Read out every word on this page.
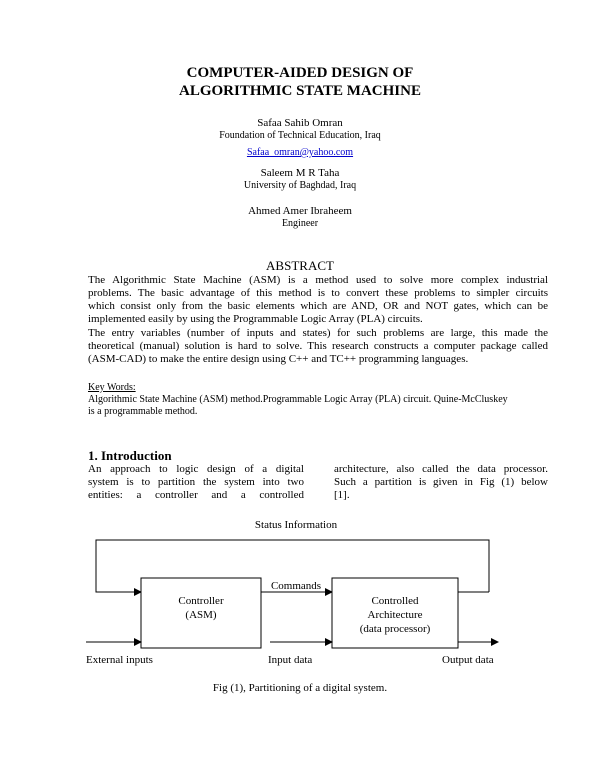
COMPUTER-AIDED DESIGN OF
ALGORITHMIC STATE MACHINE
Safaa Sahib Omran
Foundation of Technical Education, Iraq
Safaa_omran@yahoo.com
Saleem M R Taha
University of Baghdad, Iraq
Ahmed Amer Ibraheem
Engineer
ABSTRACT
The Algorithmic State Machine (ASM) is a method used to solve more complex industrial
problems. The basic advantage of this method is to convert these problems to simpler circuits
which consist only from the basic elements which are AND, OR and NOT gates, which can be
implemented easily by using the Programmable Logic Array (PLA) circuits.
The entry variables (number of inputs and states) for such problems are large, this made the
theoretical (manual) solution is hard to solve. This research constructs a computer package called
(ASM-CAD) to make the entire design using C++ and TC++ programming languages.
Key Words:
Algorithmic State Machine (ASM) method.Programmable Logic Array (PLA) circuit. Quine-McCluskey
is a programmable method.
1. Introduction
An approach to logic design of a digital
system is to partition the system into two
entities: a controller and a controlled
architecture, also called the data processor.
Such a partition is given in Fig (1) below
[1].
Status Information
Controller
(ASM)
Commands
Controlled
Architecture
(data processor)
External inputs	Input data	Output data
Fig (1), Partitioning of a digital system.
